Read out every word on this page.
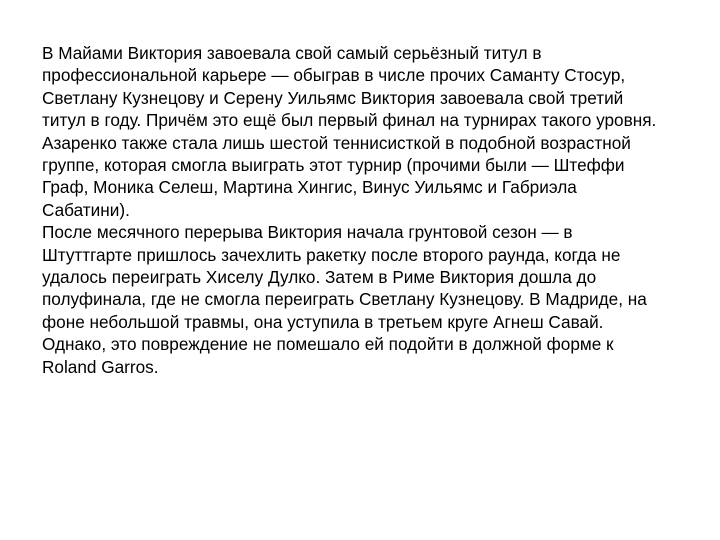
В Майами Виктория завоевала свой самый серьёзный титул в
профессиональной карьере — обыграв в числе прочих Саманту Стосур,
Светлану Кузнецову и Серену Уильямс Виктория завоевала свой третий
титул в году. Причём это ещё был первый финал на турнирах такого уровня.
Азаренко также стала лишь шестой теннисисткой в подобной возрастной
группе, которая смогла выиграть этот турнир (прочими были — Штеффи
Граф, Моника Селеш, Мартина Хингис, Винус Уильямс и Габриэла
Сабатини).
После месячного перерыва Виктория начала грунтовой сезон — в
Штуттгарте пришлось зачехлить ракетку после второго раунда, когда не
удалось переиграть Хиселу Дулко. Затем в Риме Виктория дошла до
полуфинала, где не смогла переиграть Светлану Кузнецову. В Мадриде, на
фоне небольшой травмы, она уступила в третьем круге Агнеш Савай.
Однако, это повреждение не помешало ей подойти в должной форме к
Roland Garros.
